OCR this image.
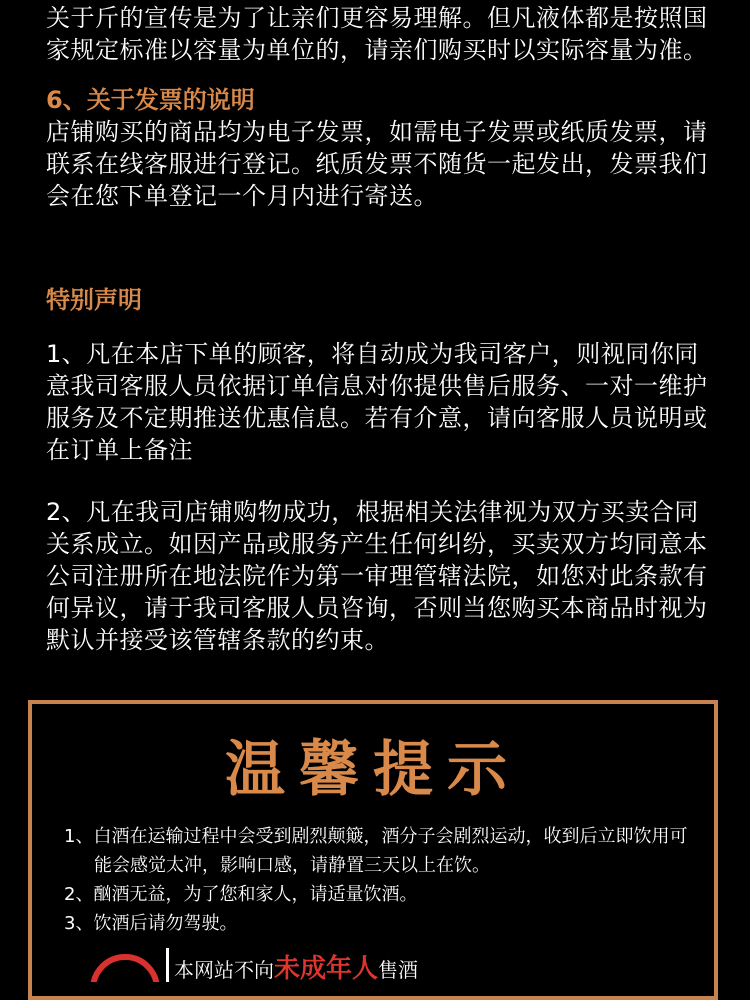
关于斤的宣传是为了让亲们更容易理解。但凡液体都是按照国家规定标准以容量为单位的，请亲们购买时以实际容量为准。

6、关于发票的说明

店铺购买的商品均为电子发票，如需电子发票或纸质发票，请联系在线客服进行登记。纸质发票不随货一起发出，发票我们会在您下单登记一个月内进行寄送。

特别声明

1、凡在本店下单的顾客，将自动成为我司客户，则视同你同意我司客服人员依据订单信息对你提供售后服务、一对一维护服务及不定期推送优惠信息。若有介意，请向客服人员说明或在订单上备注

2、凡在我司店铺购物成功，根据相关法律视为双方买卖合同关系成立。如因产品或服务产生任何纠纷，买卖双方均同意本公司注册所在地法院作为第一审理管辖法院，如您对此条款有何异议，请于我司客服人员咨询，否则当您购买本商品时视为默认并接受该管辖条款的约束。

温馨提示

1、白酒在运输过程中会受到剧烈颠簸，酒分子会剧烈运动，收到后立即饮用可
能会感觉太冲，影响口感，请静置三天以上在饮。

2、酗酒无益，为了您和家人，请适量饮酒。

3、饮酒后请勿驾驶。

本网站不向未成年人售酒
